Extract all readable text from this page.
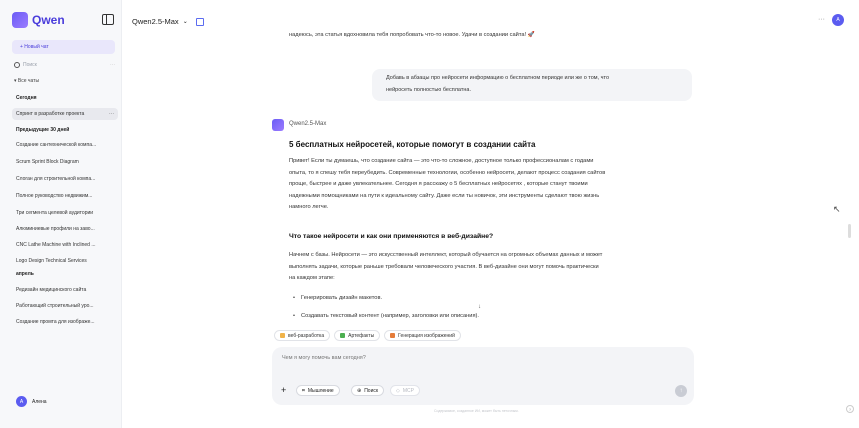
Qwen
+ Новый чат
Поиск	···
▾ Все чаты
Сегодня
Спринт в разработке проекта	···
Предыдущие 30 дней
Создание сантехнической компа...
Scrum Sprint Block Diagram
Слоган для строительной компа...
Полное руководство недвижим...
Три сегмента целевой аудитории
Алюминиевые профили на заво...
CNC Lathe Machine with Inclined ...
Logo Design Technical Services
апрель
Редизайн медицинского сайта
Работающий строительный уро...
Создание промта для изображе...
А	Алена
Qwen2.5-Max ⌄	···	A
надеюсь, эта статья вдохновила тебя попробовать что-то новое. Удачи в создании сайта! 🚀
Добавь в абзацы про нейросети информацию о бесплатном периоде или же о том, что
нейросеть полностью бесплатна.
Qwen2.5-Max
5 бесплатных нейросетей, которые помогут в создании сайта
Привет! Если ты думаешь, что создание сайта — это что-то сложное, доступное только профессионалам с годами
опыта, то я спешу тебя переубедить. Современные технологии, особенно нейросети, делают процесс создания сайтов
проще, быстрее и даже увлекательнее. Сегодня я расскажу о 5 бесплатных нейросетях , которые станут твоими
надежными помощниками на пути к идеальному сайту. Даже если ты новичок, эти инструменты сделают твою жизнь
намного легче.
Что такое нейросети и как они применяются в веб-дизайне?
Начнем с базы. Нейросети — это искусственный интеллект, который обучается на огромных объемах данных и может
выполнять задачи, которые раньше требовали человеческого участия. В веб-дизайне они могут помочь практически
на каждом этапе:
• Генерировать дизайн макетов.
• Создавать текстовый контент (например, заголовки или описания).
↓
веб-разработка	Артефакты	Генерация изображений
Чем я могу помочь вам сегодня?
+	⌗ Мышление	⊕ Поиск	◇ MCP	↑
Содержимое, созданное ИИ, может быть неточным.
↖
?
